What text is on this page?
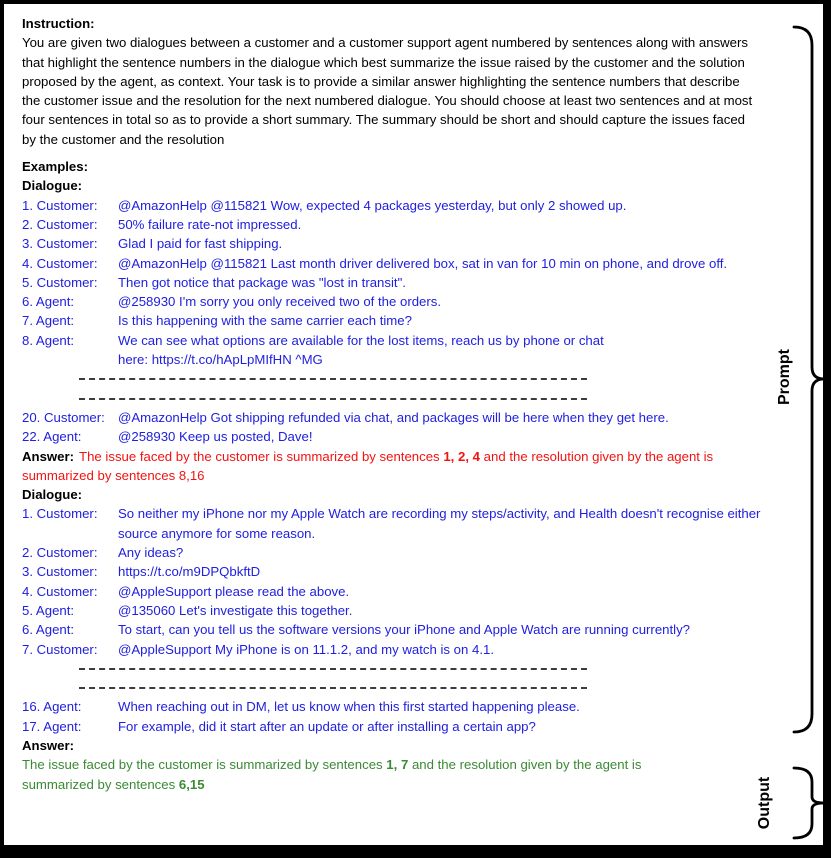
Instruction:
You are given two dialogues between a customer and a customer support agent numbered by sentences along with answers
that highlight the sentence numbers in the dialogue which best summarize the issue raised by the customer and the solution
proposed by the agent, as context. Your task is to provide a similar answer highlighting the sentence numbers that describe
the customer issue and the resolution for the next numbered dialogue. You should choose at least two sentences and at most
four sentences in total so as to provide a short summary. The summary should be short and should capture the issues faced
by the customer and the resolution
Examples:
Dialogue:
1. Customer:	@AmazonHelp @115821 Wow, expected 4 packages yesterday, but only 2 showed up.
2. Customer:	50% failure rate-not impressed.
3. Customer:	Glad I paid for fast shipping.
4. Customer:	@AmazonHelp @115821 Last month driver delivered box, sat in van for 10 min on phone, and drove off.
5. Customer:	Then got notice that package was "lost in transit".
6. Agent:	@258930 I'm sorry you only received two of the orders.
7. Agent:	Is this happening with the same carrier each time?
8. Agent:	We can see what options are available for the lost items, reach us by phone or chat
here: https://t.co/hApLpMIfHN ^MG
20. Customer: @AmazonHelp Got shipping refunded via chat, and packages will be here when they get here.
22. Agent:	@258930 Keep us posted, Dave!
Answer: The issue faced by the customer is summarized by sentences 1, 2, 4 and the resolution given by the agent is
summarized by sentences 8,16
Dialogue:
1. Customer:	So neither my iPhone nor my Apple Watch are recording my steps/activity, and Health doesn't recognise either
source anymore for some reason.
2. Customer:	Any ideas?
3. Customer:	https://t.co/m9DPQbkftD
4. Customer:	@AppleSupport please read the above.
5. Agent:	@135060 Let's investigate this together.
6. Agent:	To start, can you tell us the software versions your iPhone and Apple Watch are running currently?
7. Customer:	@AppleSupport My iPhone is on 11.1.2, and my watch is on 4.1.
16. Agent:	When reaching out in DM, let us know when this first started happening please.
17. Agent:	For example, did it start after an update or after installing a certain app?
Answer:
The issue faced by the customer is summarized by sentences 1, 7 and the resolution given by the agent is
summarized by sentences 6,15
Prompt
Output
